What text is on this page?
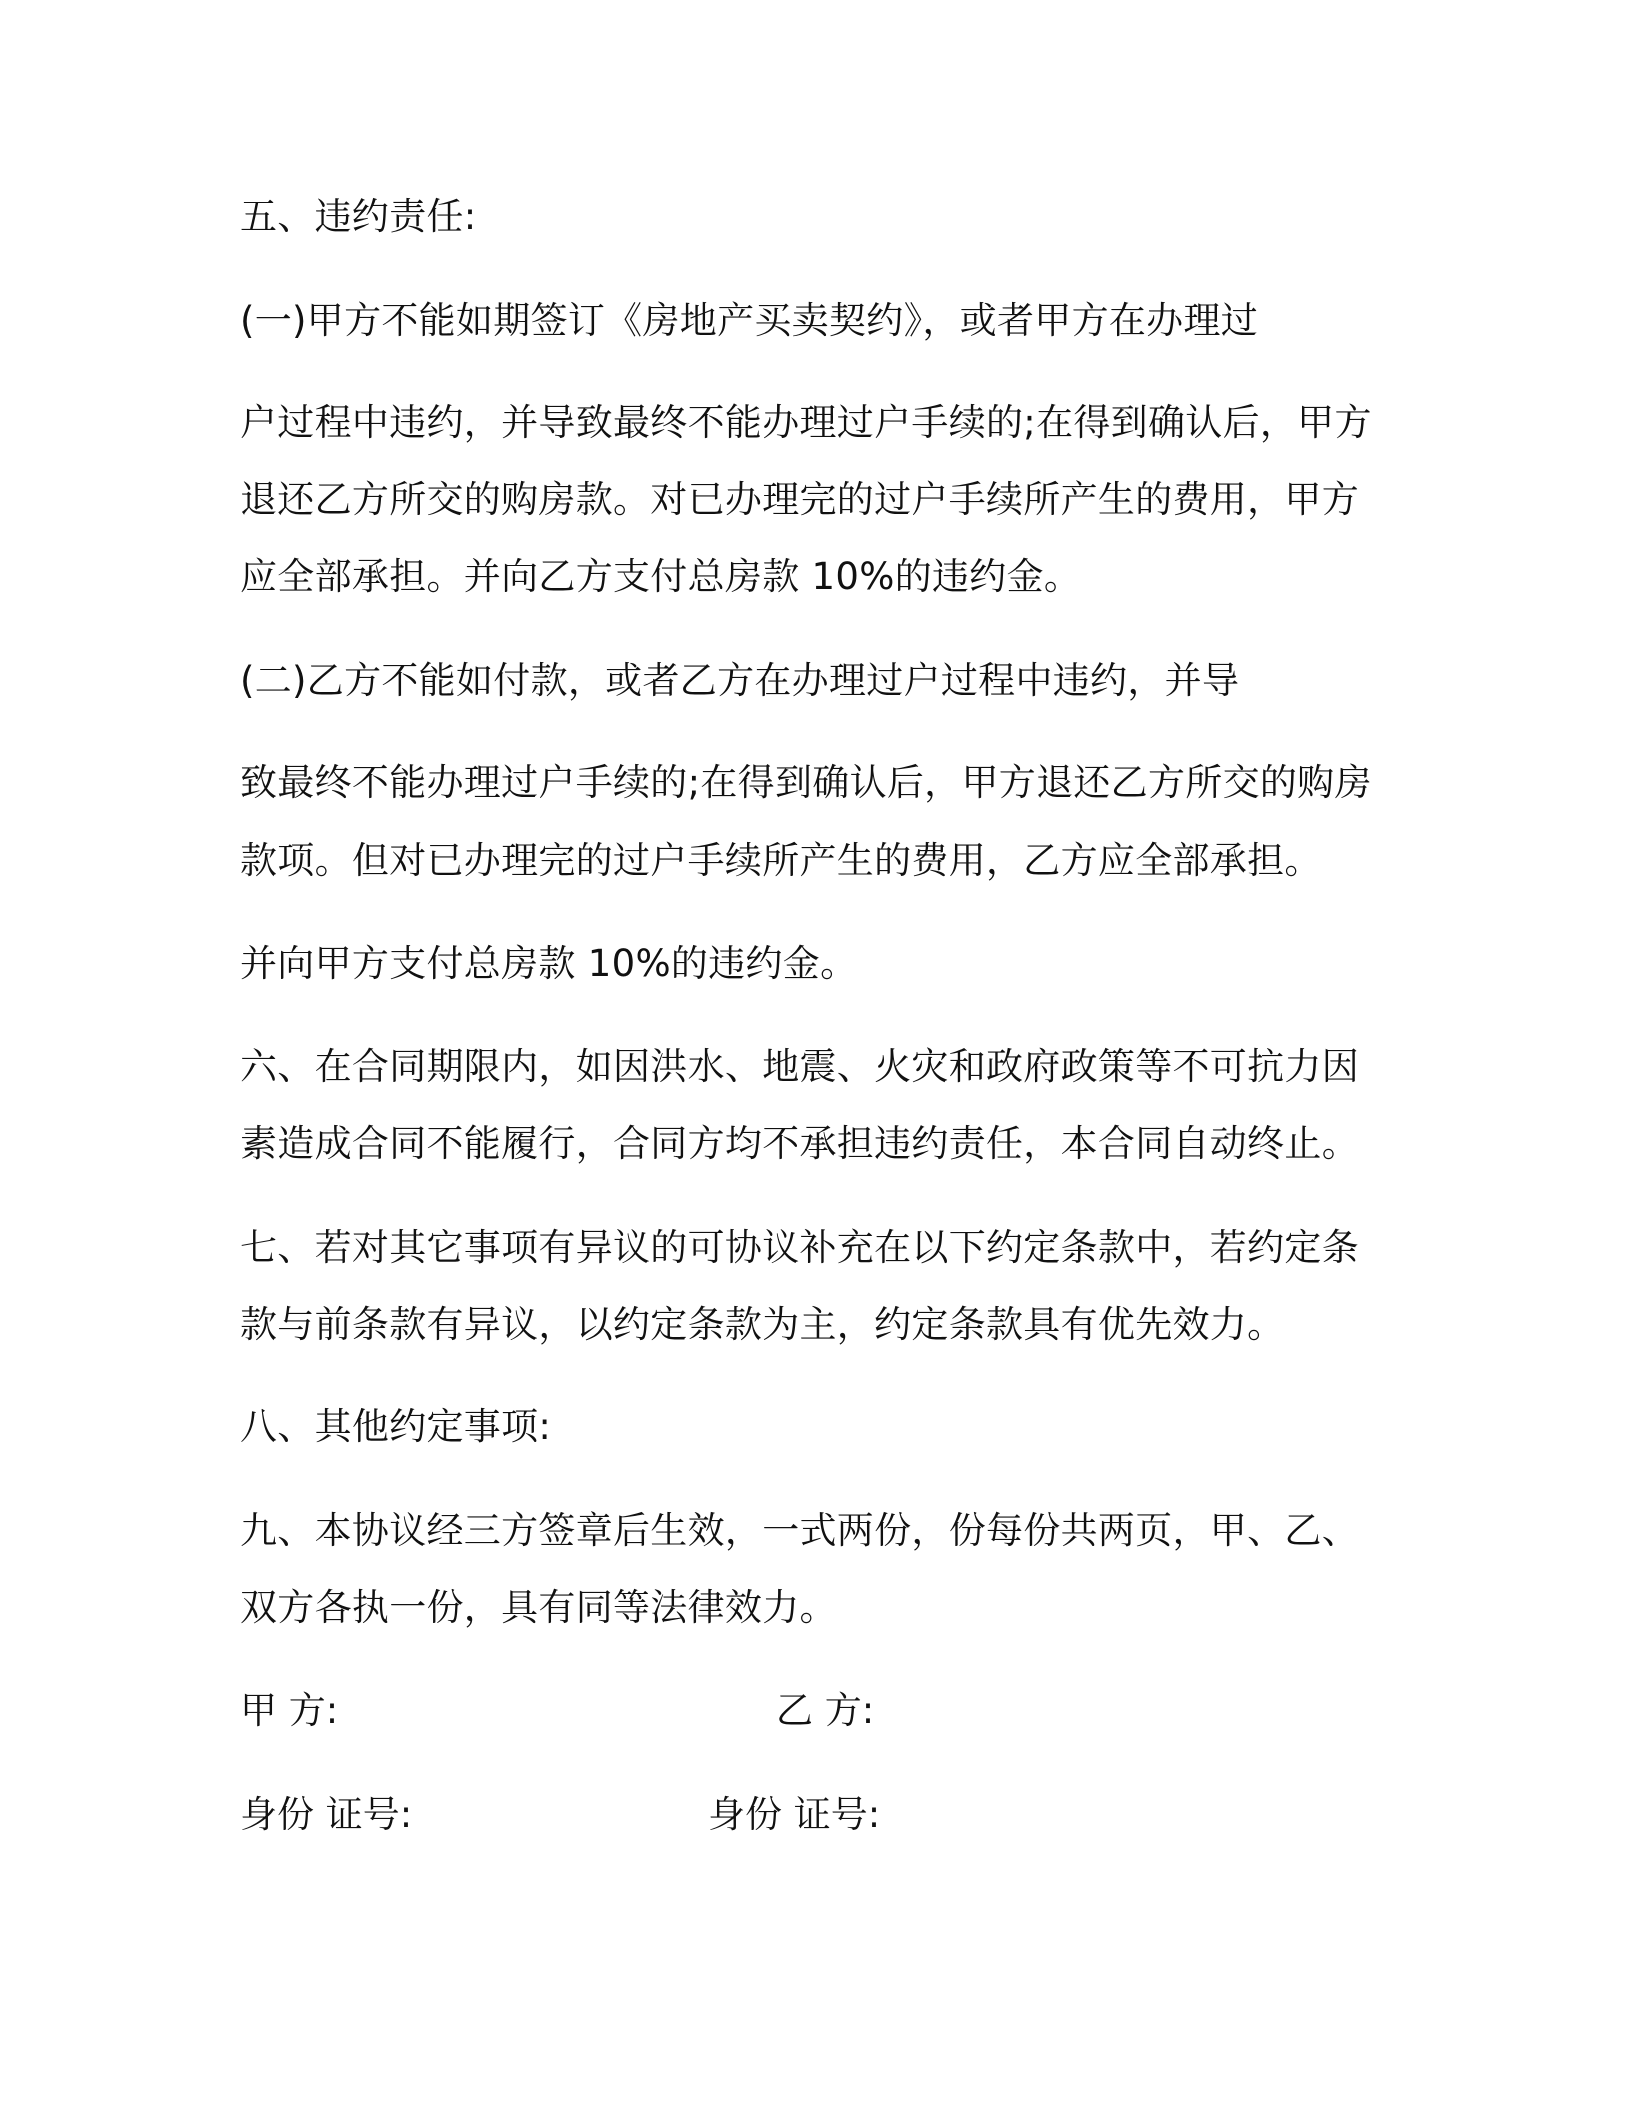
五、违约责任:
(一)甲方不能如期签订《房地产买卖契约》，或者甲方在办理过
户过程中违约，并导致最终不能办理过户手续的;在得到确认后，甲方
退还乙方所交的购房款。对已办理完的过户手续所产生的费用，甲方
应全部承担。并向乙方支付总房款 10%的违约金。
(二)乙方不能如付款，或者乙方在办理过户过程中违约，并导
致最终不能办理过户手续的;在得到确认后，甲方退还乙方所交的购房
款项。但对已办理完的过户手续所产生的费用，乙方应全部承担。
并向甲方支付总房款 10%的违约金。
六、在合同期限内，如因洪水、地震、火灾和政府政策等不可抗力因
素造成合同不能履行，合同方均不承担违约责任，本合同自动终止。
七、若对其它事项有异议的可协议补充在以下约定条款中，若约定条
款与前条款有异议，以约定条款为主，约定条款具有优先效力。
八、其他约定事项:
九、本协议经三方签章后生效，一式两份，份每份共两页，甲、乙、
双方各执一份，具有同等法律效力。
甲 方:	乙 方:
身份 证号:	身份 证号:
